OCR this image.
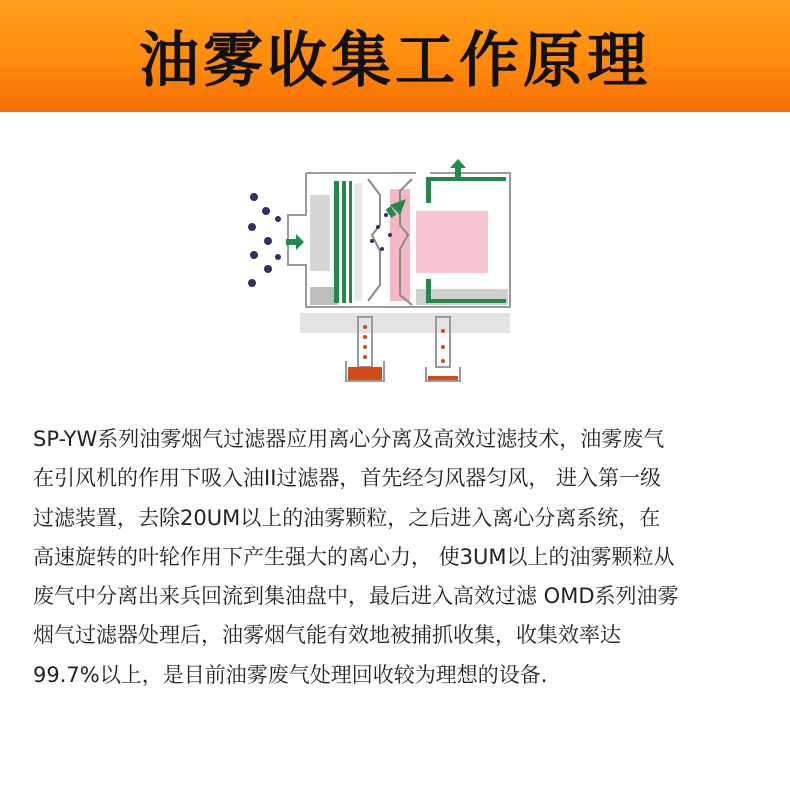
油雾收集工作原理
SP-YW系列油雾烟气过滤器应用离心分离及高效过滤技术，油雾废气
在引风机的作用下吸入油II过滤器，首先经匀风器匀风， 进入第一级
过滤装置，去除20UM以上的油雾颗粒，之后进入离心分离系统，在
高速旋转的叶轮作用下产生强大的离心力， 使3UM以上的油雾颗粒从
废气中分离出来兵回流到集油盘中，最后进入高效过滤 OMD系列油雾
烟气过滤器处理后，油雾烟气能有效地被捕抓收集，收集效率达
99.7%以上，是目前油雾废气处理回收较为理想的设备.
